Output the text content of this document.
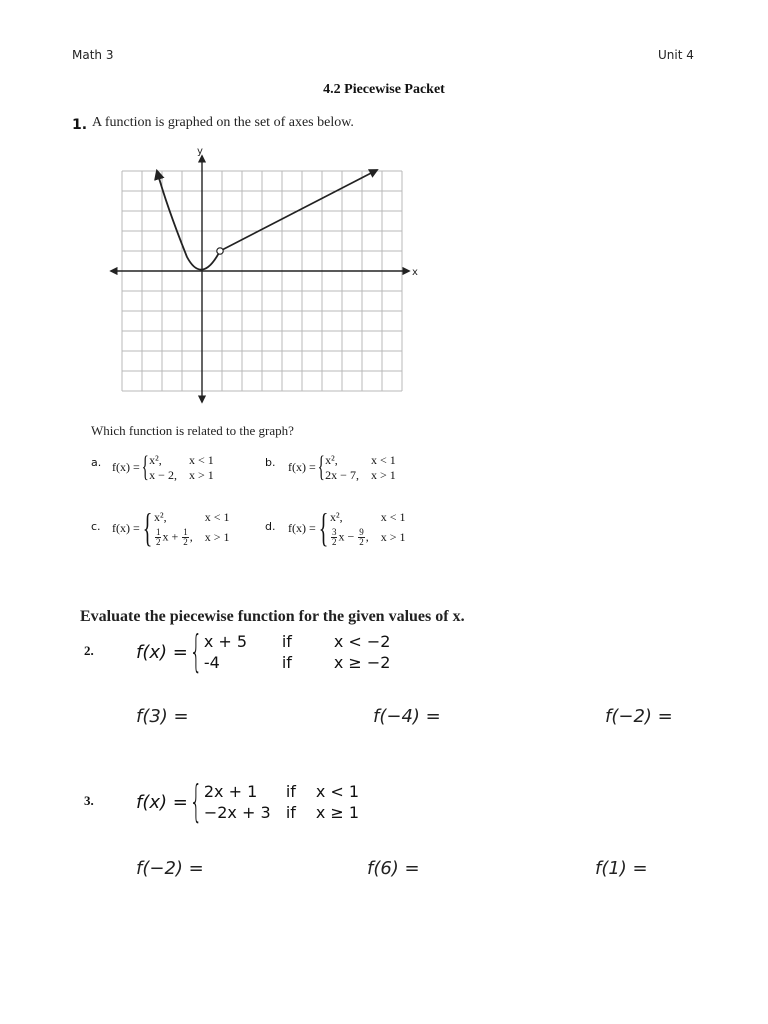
Math 3	Unit 4
4.2 Piecewise Packet
1. A function is graphed on the set of axes below.
x
y
Which function is related to the graph?
a. f(x) = { x²,	x < 1
x − 2, x > 1
b. f(x) = { x²,	x < 1
2x − 7, x > 1
c. f(x) = { x²,	x < 1
$\frac{1}{2}$ $x + \frac{1}{2}$ , x > 1
d. f(x) = { x²,	x < 1
$\frac{3}{2}$ $x - \frac{9}{2}$ , x > 1
Evaluate the piecewise function for the given values of x.
2. f(x) = { x + 5	if	x < −2
-4	if	x ≥ −2
f(3) =	f(−4) =	f(−2) =
3. f(x) = { 2x + 1	if	x < 1
−2x + 3 if	x ≥ 1
f(−2) =	f(6) =	f(1) =
